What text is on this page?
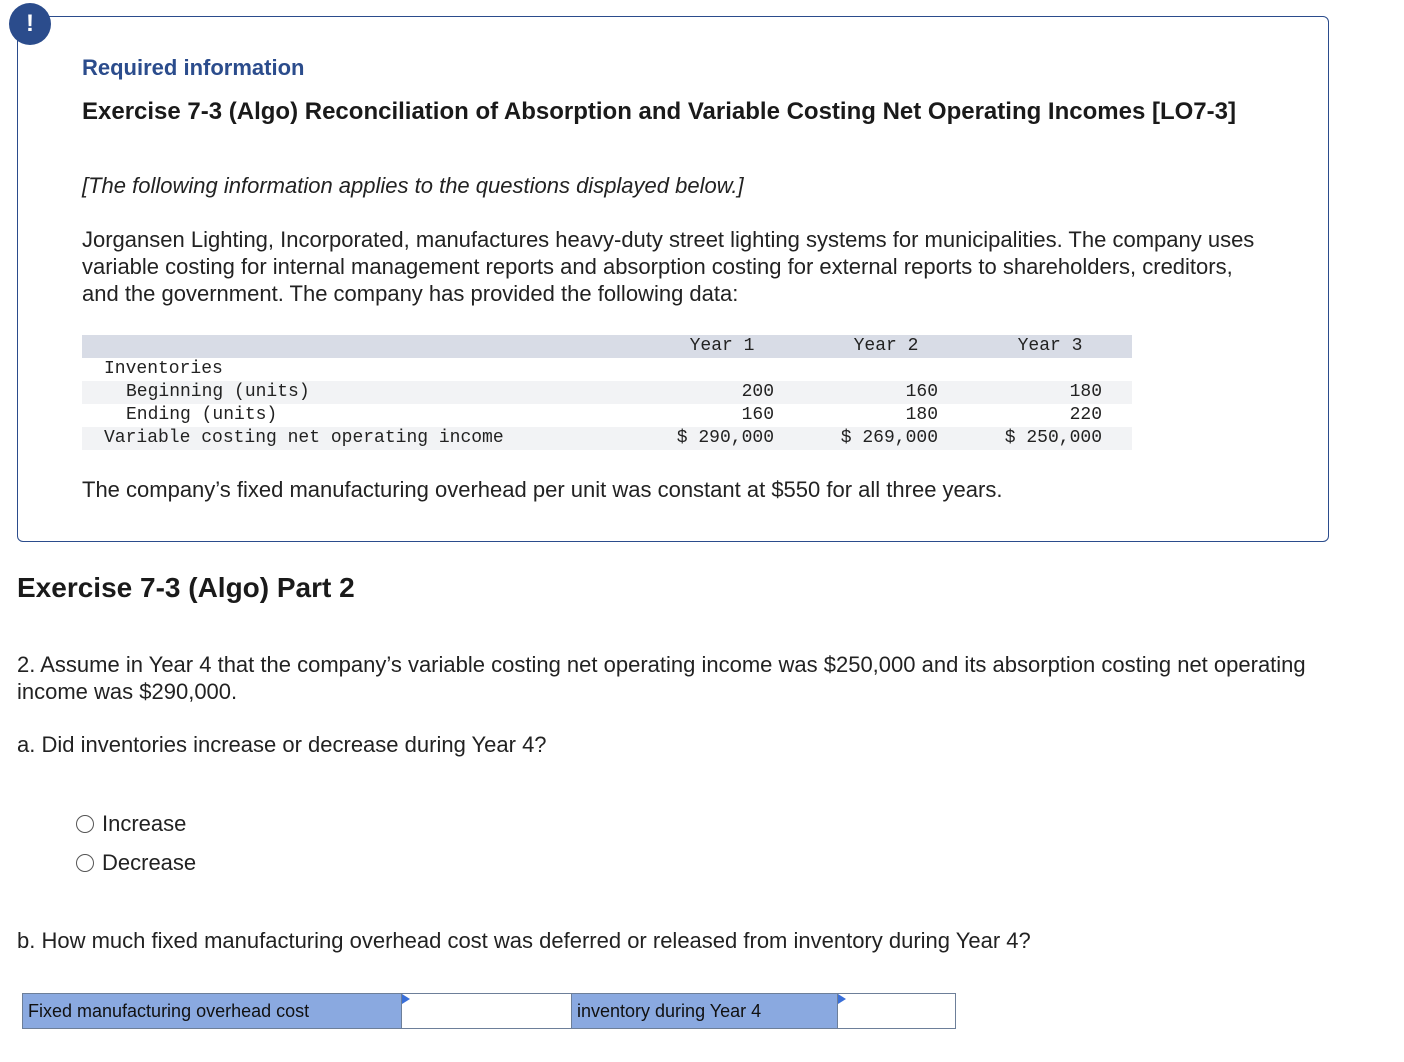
!
Required information
Exercise 7-3 (Algo) Reconciliation of Absorption and Variable Costing Net Operating Incomes [LO7-3]

[The following information applies to the questions displayed below.]

Jorgansen Lighting, Incorporated, manufactures heavy-duty street lighting systems for municipalities. The company uses variable costing for internal management reports and absorption costing for external reports to shareholders, creditors, and the government. The company has provided the following data:

	Year 1	Year 2	Year 3
Inventories			
Beginning (units)	200	160	180
Ending (units)	160	180	220
Variable costing net operating income	$ 290,000	$ 269,000	$ 250,000

The company’s fixed manufacturing overhead per unit was constant at $550 for all three years.

Exercise 7-3 (Algo) Part 2

2. Assume in Year 4 that the company’s variable costing net operating income was $250,000 and its absorption costing net operating income was $290,000.

a. Did inventories increase or decrease during Year 4?

Increase
Decrease

b. How much fixed manufacturing overhead cost was deferred or released from inventory during Year 4?

Fixed manufacturing overhead cost	inventory during Year 4
